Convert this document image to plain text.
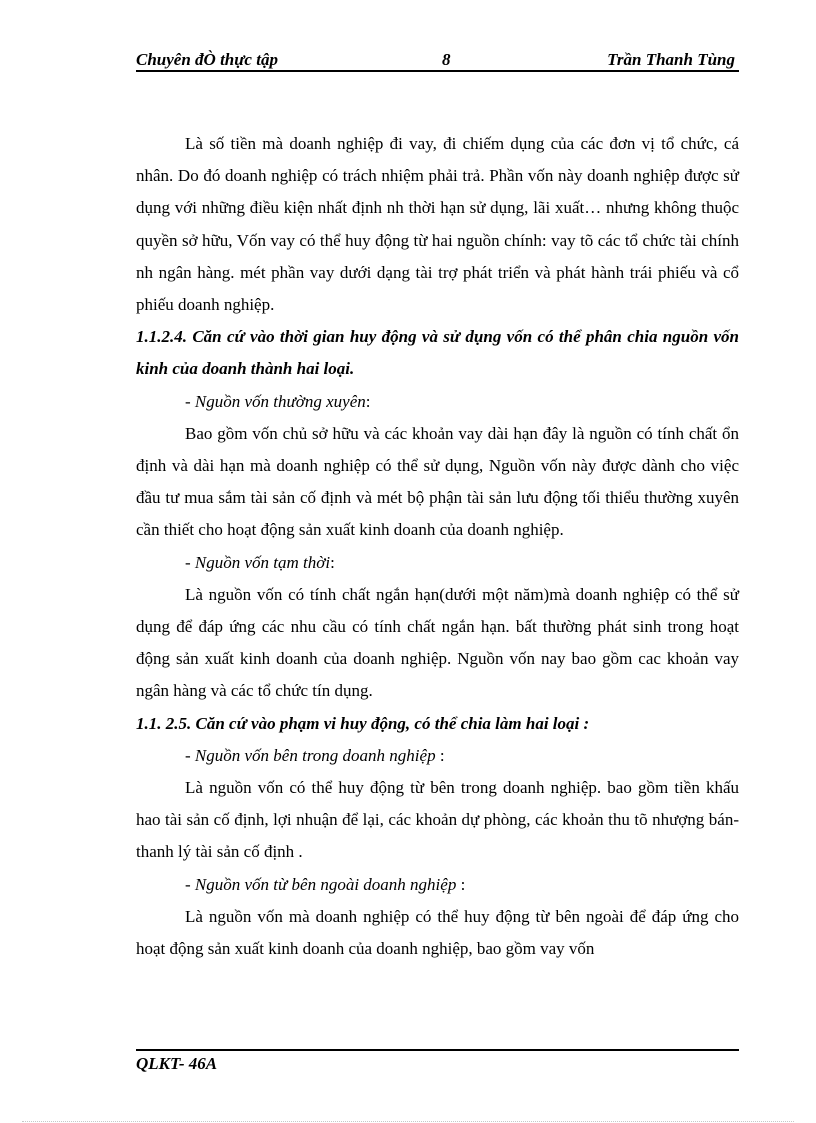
Chuyên đÒ thực tập	8	Trần Thanh Tùng

Là số tiền mà doanh nghiệp đi vay, đi chiếm dụng của các đơn vị tổ chức, cá nhân. Do đó doanh nghiệp có trách nhiệm phải trả. Phần vốn này doanh nghiệp được sử dụng với những điều kiện nhất định nh thời hạn sử dụng, lãi xuất… nhưng không thuộc quyền sở hữu, Vốn vay có thể huy động từ hai nguồn chính: vay tõ các tổ chức tài chính nh ngân hàng. mét phần vay dưới dạng tài trợ phát triển và phát hành trái phiếu và cổ phiếu doanh nghiệp.

1.1.2.4. Căn cứ vào thời gian huy động và sử dụng vốn có thể phân chia nguồn vốn kinh của doanh thành hai loại.

- Nguồn vốn thường xuyên:

Bao gồm vốn chủ sở hữu và các khoản vay dài hạn đây là nguồn có tính chất ổn định và dài hạn mà doanh nghiệp có thể sử dụng, Nguồn vốn này được dành cho việc đầu tư mua sắm tài sản cố định và mét bộ phận tài sản lưu động tối thiểu thường xuyên cần thiết cho hoạt động sản xuất kinh doanh của doanh nghiệp.

- Nguồn vốn tạm thời:

Là nguồn vốn có tính chất ngắn hạn(dưới một năm)mà doanh nghiệp có thể sử dụng để đáp ứng các nhu cầu có tính chất ngắn hạn. bất thường phát sinh trong hoạt động sản xuất kinh doanh của doanh nghiệp. Nguồn vốn nay bao gồm cac khoản vay ngân hàng và các tổ chức tín dụng.

1.1. 2.5. Căn cứ vào phạm vi huy động, có thể chia làm hai loại :

- Nguồn vốn bên trong doanh nghiệp :

Là nguồn vốn có thể huy động từ bên trong doanh nghiệp. bao gồm tiền khấu hao tài sản cố định, lợi nhuận để lại, các khoản dự phòng, các khoản thu tõ nhượng bán- thanh lý tài sản cố định .

- Nguồn vốn từ bên ngoài doanh nghiệp :

Là nguồn vốn mà doanh nghiệp có thể huy động từ bên ngoài để đáp ứng cho hoạt động sản xuất kinh doanh của doanh nghiệp, bao gồm vay vốn

QLKT- 46A
